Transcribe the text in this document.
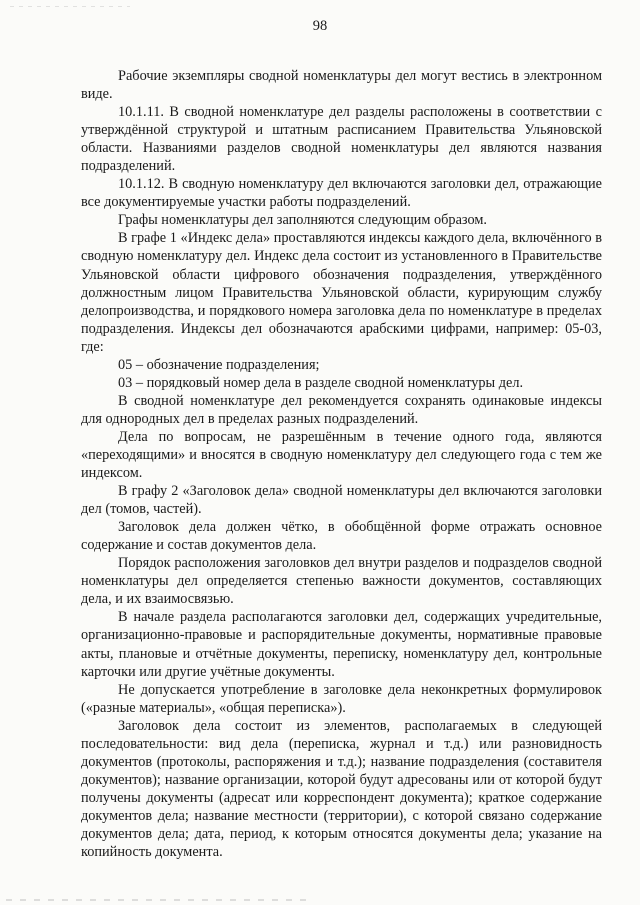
98

Рабочие экземпляры сводной номенклатуры дел могут вестись в электронном виде.

10.1.11. В сводной номенклатуре дел разделы расположены в соответствии с утверждённой структурой и штатным расписанием Правительства Ульяновской области. Названиями разделов сводной номенклатуры дел являются названия подразделений.

10.1.12. В сводную номенклатуру дел включаются заголовки дел, отражающие все документируемые участки работы подразделений.

Графы номенклатуры дел заполняются следующим образом.

В графе 1 «Индекс дела» проставляются индексы каждого дела, включённого в сводную номенклатуру дел. Индекс дела состоит из установленного в Правительстве Ульяновской области цифрового обозначения подразделения, утверждённого должностным лицом Правительства Ульяновской области, курирующим службу делопроизводства, и порядкового номера заголовка дела по номенклатуре в пределах подразделения. Индексы дел обозначаются арабскими цифрами, например: 05-03, где:

05 – обозначение подразделения;

03 – порядковый номер дела в разделе сводной номенклатуры дел.

В сводной номенклатуре дел рекомендуется сохранять одинаковые индексы для однородных дел в пределах разных подразделений.

Дела по вопросам, не разрешённым в течение одного года, являются «переходящими» и вносятся в сводную номенклатуру дел следующего года с тем же индексом.

В графу 2 «Заголовок дела» сводной номенклатуры дел включаются заголовки дел (томов, частей).

Заголовок дела должен чётко, в обобщённой форме отражать основное содержание и состав документов дела.

Порядок расположения заголовков дел внутри разделов и подразделов сводной номенклатуры дел определяется степенью важности документов, составляющих дела, и их взаимосвязью.

В начале раздела располагаются заголовки дел, содержащих учредительные, организационно-правовые и распорядительные документы, нормативные правовые акты, плановые и отчётные документы, переписку, номенклатуру дел, контрольные карточки или другие учётные документы.

Не допускается употребление в заголовке дела неконкретных формулировок («разные материалы», «общая переписка»).

Заголовок дела состоит из элементов, располагаемых в следующей последовательности: вид дела (переписка, журнал и т.д.) или разновидность документов (протоколы, распоряжения и т.д.); название подразделения (составителя документов); название организации, которой будут адресованы или от которой будут получены документы (адресат или корреспондент документа); краткое содержание документов дела; название местности (территории), с которой связано содержание документов дела; дата, период, к которым относятся документы дела; указание на копийность документа.
